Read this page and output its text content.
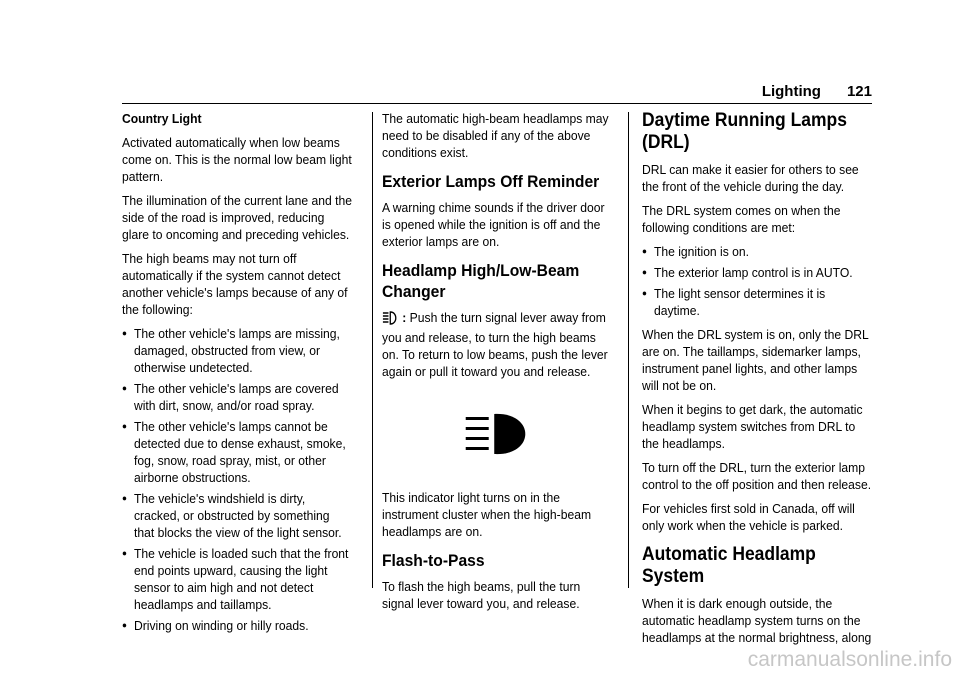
Lighting 121

Country Light

Activated automatically when low beams come on. This is the normal low beam light pattern.

The illumination of the current lane and the side of the road is improved, reducing glare to oncoming and preceding vehicles.

The high beams may not turn off automatically if the system cannot detect another vehicle's lamps because of any of the following:

● The other vehicle's lamps are missing, damaged, obstructed from view, or otherwise undetected.
● The other vehicle's lamps are covered with dirt, snow, and/or road spray.
● The other vehicle's lamps cannot be detected due to dense exhaust, smoke, fog, snow, road spray, mist, or other airborne obstructions.
● The vehicle's windshield is dirty, cracked, or obstructed by something that blocks the view of the light sensor.
● The vehicle is loaded such that the front end points upward, causing the light sensor to aim high and not detect headlamps and taillamps.
● Driving on winding or hilly roads.

The automatic high-beam headlamps may need to be disabled if any of the above conditions exist.

Exterior Lamps Off Reminder

A warning chime sounds if the driver door is opened while the ignition is off and the exterior lamps are on.

Headlamp High/Low-Beam Changer

: Push the turn signal lever away from you and release, to turn the high beams on. To return to low beams, push the lever again or pull it toward you and release.

This indicator light turns on in the instrument cluster when the high-beam headlamps are on.

Flash-to-Pass

To flash the high beams, pull the turn signal lever toward you, and release.

Daytime Running Lamps (DRL)

DRL can make it easier for others to see the front of the vehicle during the day.

The DRL system comes on when the following conditions are met:

● The ignition is on.
● The exterior lamp control is in AUTO.
● The light sensor determines it is daytime.

When the DRL system is on, only the DRL are on. The taillamps, sidemarker lamps, instrument panel lights, and other lamps will not be on.

When it begins to get dark, the automatic headlamp system switches from DRL to the headlamps.

To turn off the DRL, turn the exterior lamp control to the off position and then release.

For vehicles first sold in Canada, off will only work when the vehicle is parked.

Automatic Headlamp System

When it is dark enough outside, the automatic headlamp system turns on the headlamps at the normal brightness, along

carmanualsonline.info
